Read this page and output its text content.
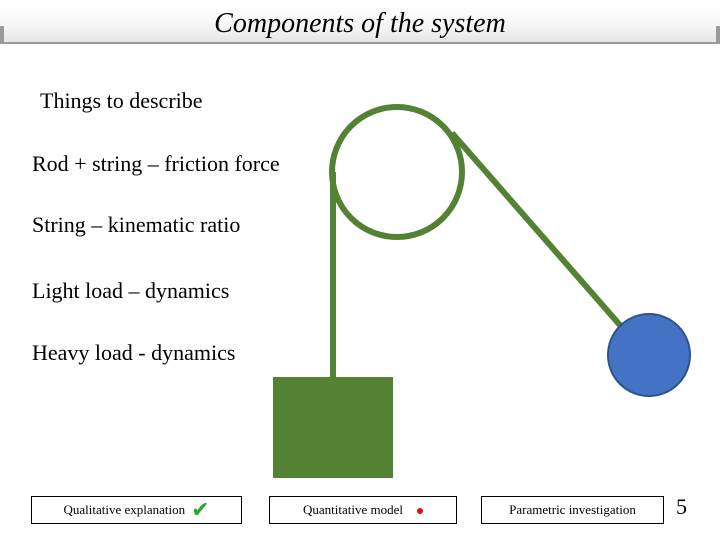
Components of the system
Things to describe
Rod + string – friction force
String – kinematic ratio
Light load – dynamics
Heavy load - dynamics
Qualitative explanation ✔	Quantitative model	Parametric investigation	5
